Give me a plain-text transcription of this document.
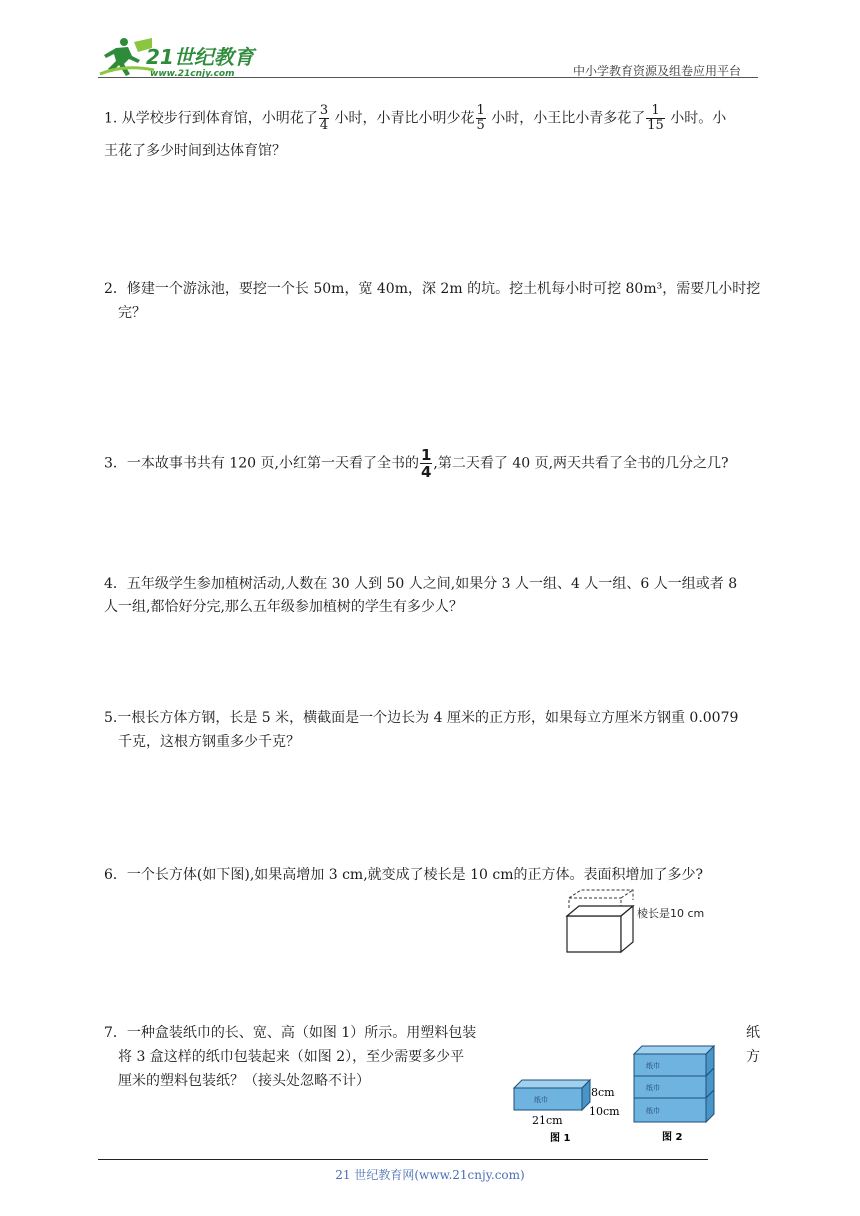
21世纪教育
www.21cnjy.com	中小学教育资源及组卷应用平台
1. 从学校步行到体育馆，小明花了 $\frac{3}{4}$ 小时，小青比小明少花 $\frac{1}{5}$ 小时，小王比小青多花了 $\frac{1}{15}$ 小时。小
王花了多少时间到达体育馆？
2．修建一个游泳池，要挖一个长 50m，宽 40m，深 2m 的坑。挖土机每小时可挖 80m³，需要几小时挖
完？
3．一本故事书共有 120 页,小红第一天看了全书的 $\frac{1}{4}$ ,第二天看了 40 页,两天共看了全书的几分之几?
4．五年级学生参加植树活动,人数在 30 人到 50 人之间,如果分 3 人一组、4 人一组、6 人一组或者 8
人一组,都恰好分完,那么五年级参加植树的学生有多少人？
5.一根长方体方钢，长是 5 米，横截面是一个边长为 4 厘米的正方形，如果每立方厘米方钢重 0.0079
千克，这根方钢重多少千克？
6．一个长方体(如下图),如果高增加 3 cm,就变成了棱长是 10 cm的正方体。表面积增加了多少?
棱长是10 cm
7．一种盒装纸巾的长、宽、高（如图 1）所示。用塑料包装	纸
将 3 盒这样的纸巾包装起来（如图 2），至少需要多少平	方
厘米的塑料包装纸？（接头处忽略不计）
纸巾
8cm
10cm
21cm
图 1
纸巾
纸巾
纸巾
图 2
21 世纪教育网(www.21cnjy.com)
